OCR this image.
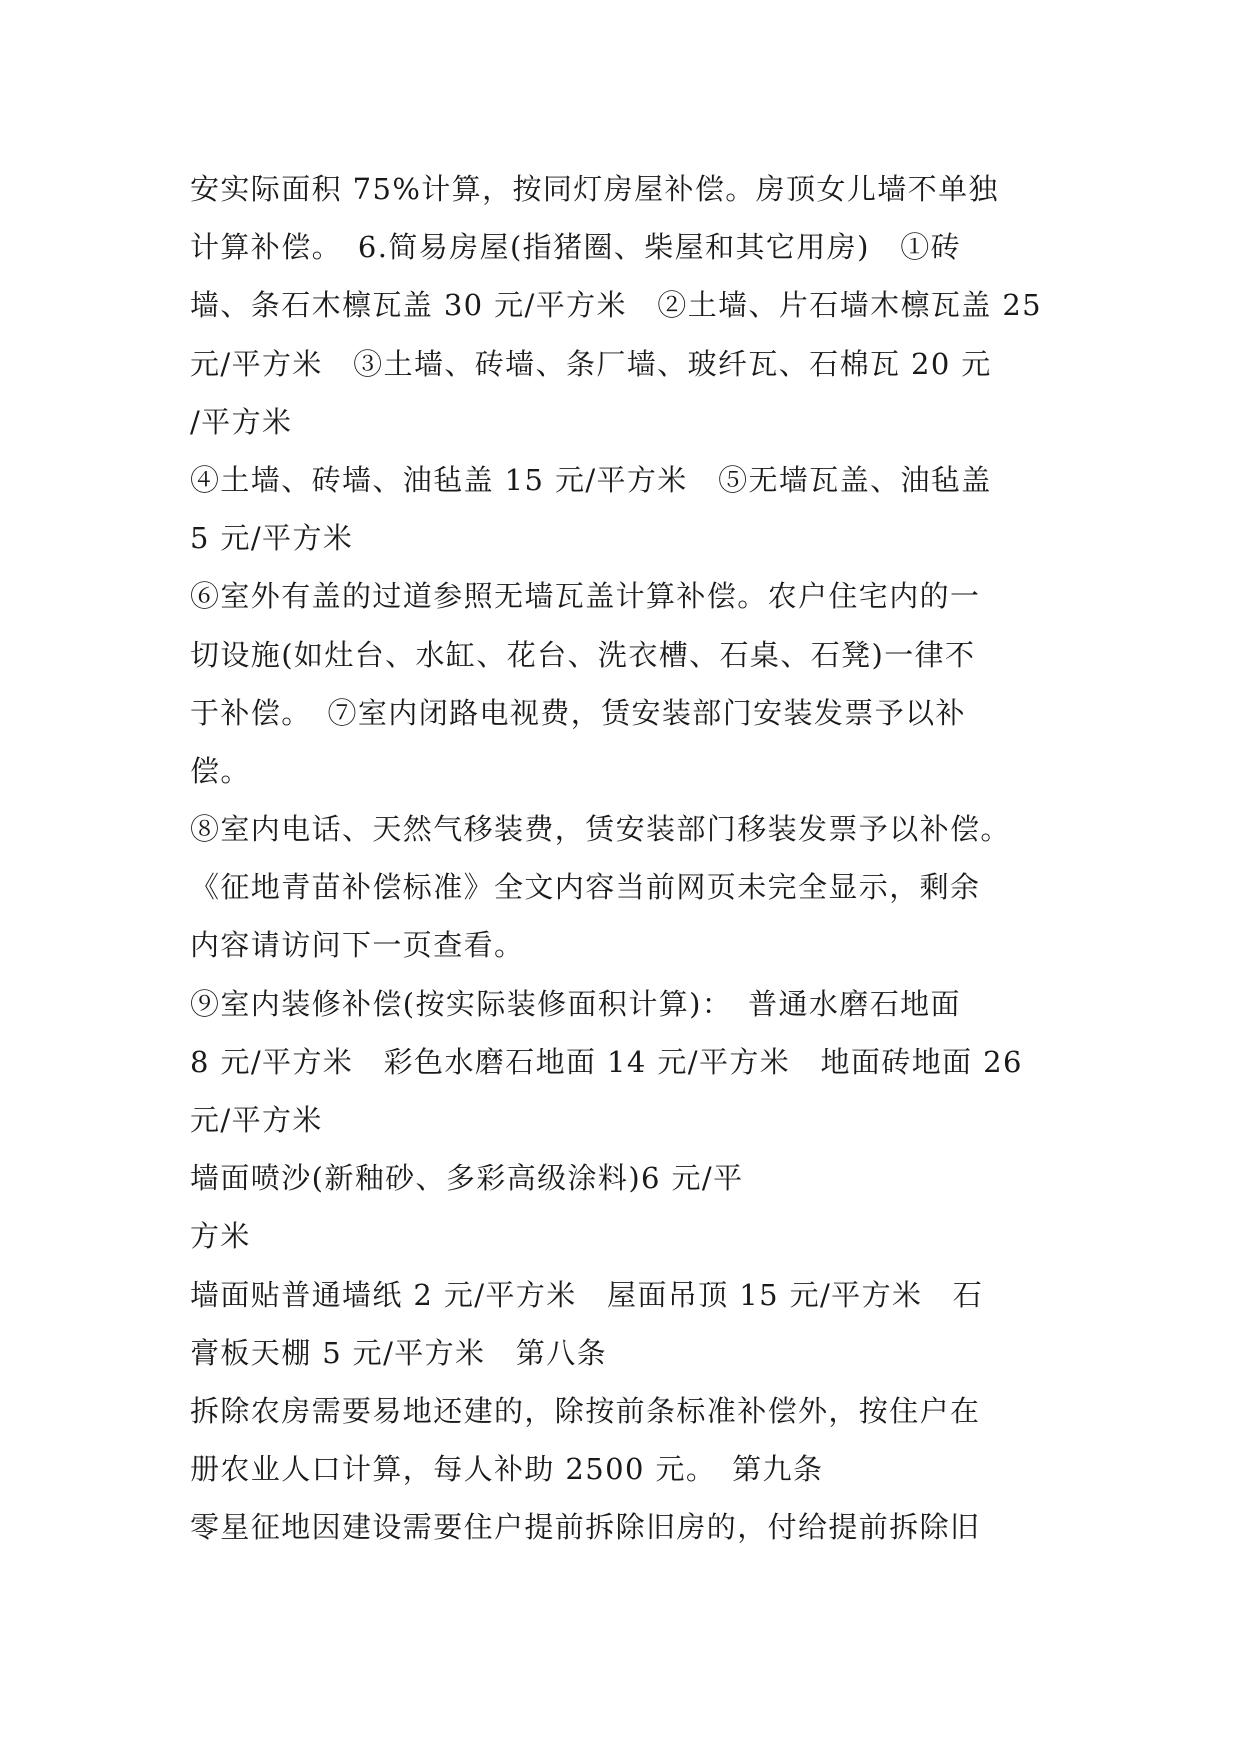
安实际面积 75%计算，按同灯房屋补偿。房顶女儿墙不单独
计算补偿。　6.简易房屋(指猪圈、柴屋和其它用房)　①砖
墙、条石木檩瓦盖 30 元/平方米　②土墙、片石墙木檩瓦盖 25
元/平方米　③土墙、砖墙、条厂墙、玻纤瓦、石棉瓦 20 元
/平方米
④土墙、砖墙、油毡盖 15 元/平方米　⑤无墙瓦盖、油毡盖
5 元/平方米
⑥室外有盖的过道参照无墙瓦盖计算补偿。农户住宅内的一
切设施(如灶台、水缸、花台、洗衣槽、石桌、石凳)一律不
于补偿。　⑦室内闭路电视费，赁安装部门安装发票予以补
偿。
⑧室内电话、天然气移装费，赁安装部门移装发票予以补偿。
《征地青苗补偿标准》全文内容当前网页未完全显示，剩余
内容请访问下一页查看。
⑨室内装修补偿(按实际装修面积计算)：　普通水磨石地面
8 元/平方米　彩色水磨石地面 14 元/平方米　地面砖地面 26
元/平方米
墙面喷沙(新釉砂、多彩高级涂料)6 元/平
方米
墙面贴普通墙纸 2 元/平方米　屋面吊顶 15 元/平方米　石
膏板天棚 5 元/平方米　第八条
拆除农房需要易地还建的，除按前条标准补偿外，按住户在
册农业人口计算，每人补助 2500 元。　第九条
零星征地因建设需要住户提前拆除旧房的，付给提前拆除旧
